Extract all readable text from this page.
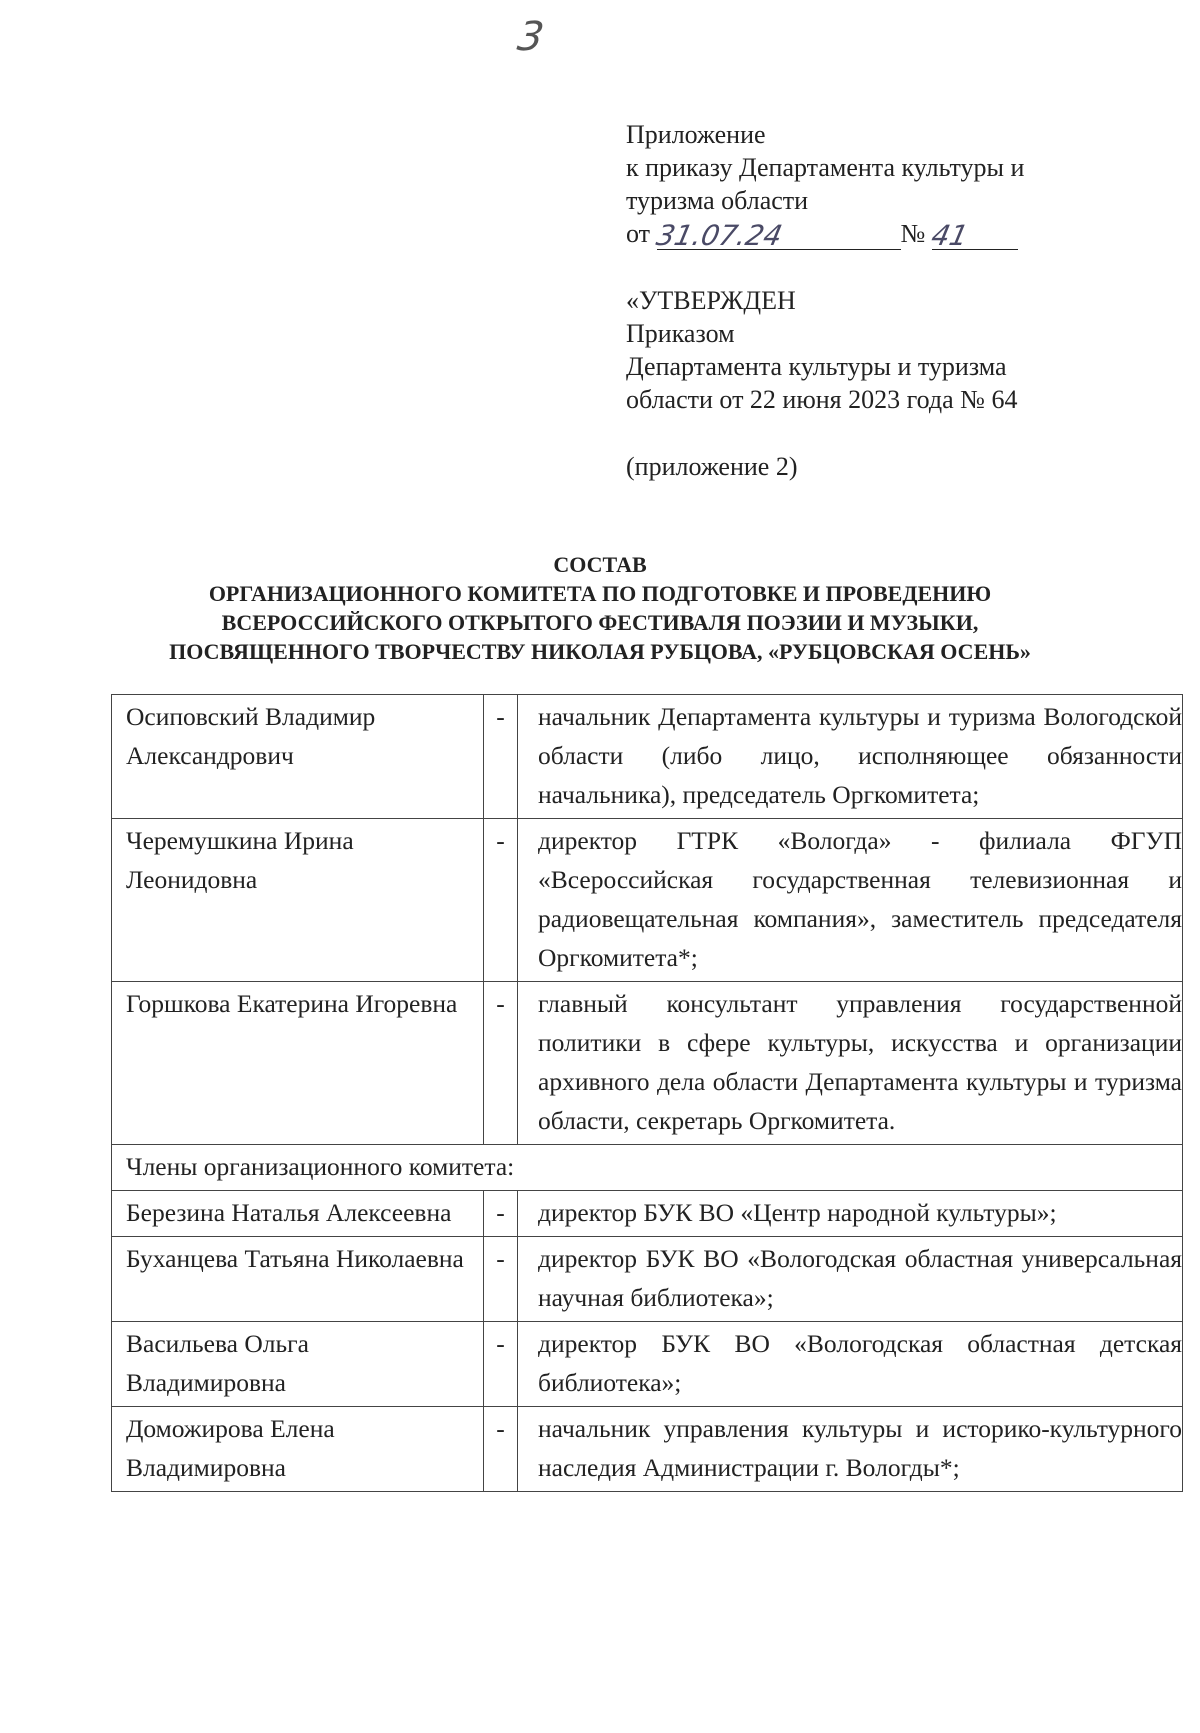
3
Приложение
к приказу Департамента культуры и
туризма области
от 31.07.24	№ 41
«УТВЕРЖДЕН
Приказом
Департамента культуры и туризма
области от 22 июня 2023 года № 64
(приложение 2)
СОСТАВ
ОРГАНИЗАЦИОННОГО КОМИТЕТА ПО ПОДГОТОВКЕ И ПРОВЕДЕНИЮ
ВСЕРОССИЙСКОГО ОТКРЫТОГО ФЕСТИВАЛЯ ПОЭЗИИ И МУЗЫКИ,
ПОСВЯЩЕННОГО ТВОРЧЕСТВУ НИКОЛАЯ РУБЦОВА, «РУБЦОВСКАЯ ОСЕНЬ»
Осиповский Владимир Александрович	-	начальник Департамента культуры и туризма Вологодской области (либо лицо, исполняющее обязанности начальника), председатель Оргкомитета;
Черемушкина Ирина Леонидовна	-	директор ГТРК «Вологда» - филиала ФГУП «Всероссийская государственная телевизионная и радиовещательная компания», заместитель председателя Оргкомитета*;
Горшкова Екатерина Игоревна	-	главный консультант управления государственной политики в сфере культуры, искусства и организации архивного дела области Департамента культуры и туризма области, секретарь Оргкомитета.
Члены организационного комитета:		
Березина Наталья Алексеевна	-	директор БУК ВО «Центр народной культуры»;
Буханцева Татьяна Николаевна	-	директор БУК ВО «Вологодская областная универсальная научная библиотека»;
Васильева Ольга Владимировна	-	директор БУК ВО «Вологодская областная детская библиотека»;
Доможирова Елена Владимировна	-	начальник управления культуры и историко-культурного наследия Администрации г. Вологды*;
